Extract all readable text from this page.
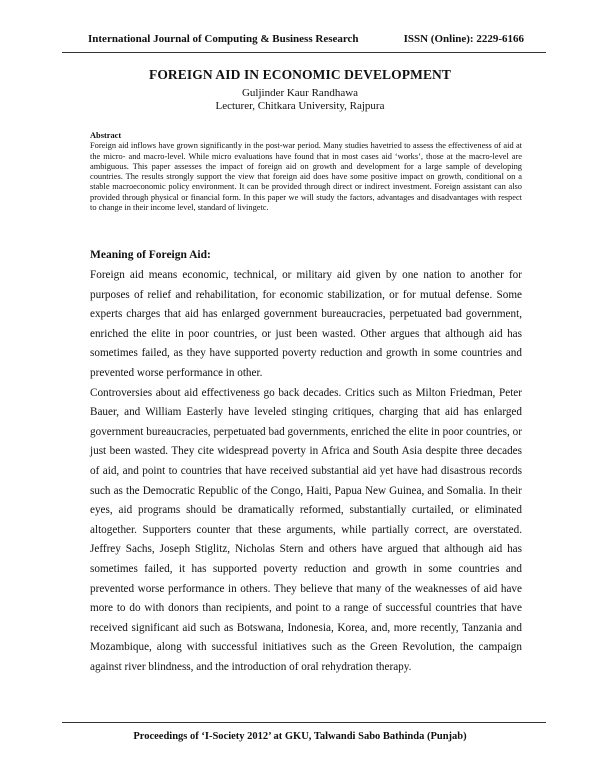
International Journal of Computing & Business Research	ISSN (Online): 2229-6166
FOREIGN AID IN ECONOMIC DEVELOPMENT
Guljinder Kaur Randhawa
Lecturer, Chitkara University, Rajpura
Abstract
Foreign aid inflows have grown significantly in the post-war period. Many studies havetried to assess the effectiveness of aid at the micro- and macro-level. While micro evaluations have found that in most cases aid ‘works’, those at the macro-level are ambiguous. This paper assesses the impact of foreign aid on growth and development for a large sample of developing countries. The results strongly support the view that foreign aid does have some positive impact on growth, conditional on a stable macroeconomic policy environment. It can be provided through direct or indirect investment. Foreign assistant can also provided through physical or financial form. In this paper we will study the factors, advantages and disadvantages with respect to change in their income level, standard of livingetc.
Meaning of Foreign Aid:

Foreign aid means economic, technical, or military aid given by one nation to another for purposes of relief and rehabilitation, for economic stabilization, or for mutual defense. Some experts charges that aid has enlarged government bureaucracies, perpetuated bad government, enriched the elite in poor countries, or just been wasted. Other argues that although aid has sometimes failed, as they have supported poverty reduction and growth in some countries and prevented worse performance in other.

Controversies about aid effectiveness go back decades. Critics such as Milton Friedman, Peter Bauer, and William Easterly have leveled stinging critiques, charging that aid has enlarged government bureaucracies, perpetuated bad governments, enriched the elite in poor countries, or just been wasted. They cite widespread poverty in Africa and South Asia despite three decades of aid, and point to countries that have received substantial aid yet have had disastrous records such as the Democratic Republic of the Congo, Haiti, Papua New Guinea, and Somalia. In their eyes, aid programs should be dramatically reformed, substantially curtailed, or eliminated altogether. Supporters counter that these arguments, while partially correct, are overstated. Jeffrey Sachs, Joseph Stiglitz, Nicholas Stern and others have argued that although aid has sometimes failed, it has supported poverty reduction and growth in some countries and prevented worse performance in others. They believe that many of the weaknesses of aid have more to do with donors than recipients, and point to a range of successful countries that have received significant aid such as Botswana, Indonesia, Korea, and, more recently, Tanzania and Mozambique, along with successful initiatives such as the Green Revolution, the campaign against river blindness, and the introduction of oral rehydration therapy.

Proceedings of ‘I-Society 2012’ at GKU, Talwandi Sabo Bathinda (Punjab)
